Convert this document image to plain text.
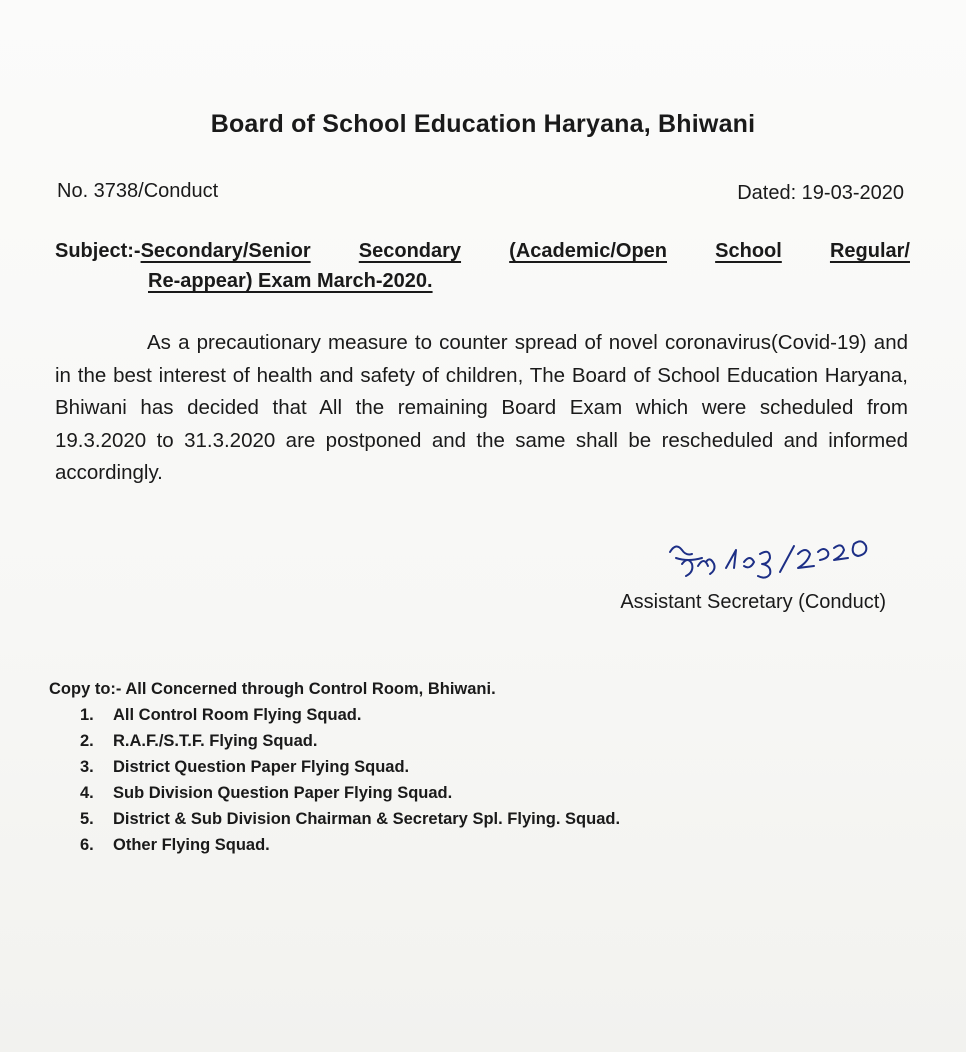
Board of School Education Haryana, Bhiwani
No. 3738/Conduct	Dated: 19-03-2020
Subject:-Secondary/Senior Secondary (Academic/Open School Regular/
Re-appear) Exam March-2020.
As a precautionary measure to counter spread of novel coronavirus(Covid-19) and in the best interest of health and safety of children, The Board of School Education Haryana, Bhiwani has decided that All the remaining Board Exam which were scheduled from 19.3.2020 to 31.3.2020 are postponed and the same shall be rescheduled and informed accordingly.
Assistant Secretary (Conduct)
Copy to:- All Concerned through Control Room, Bhiwani.
1.	All Control Room Flying Squad.
2.	R.A.F./S.T.F. Flying Squad.
3.	District Question Paper Flying Squad.
4.	Sub Division Question Paper Flying Squad.
5.	District & Sub Division Chairman & Secretary Spl. Flying. Squad.
6.	Other Flying Squad.
